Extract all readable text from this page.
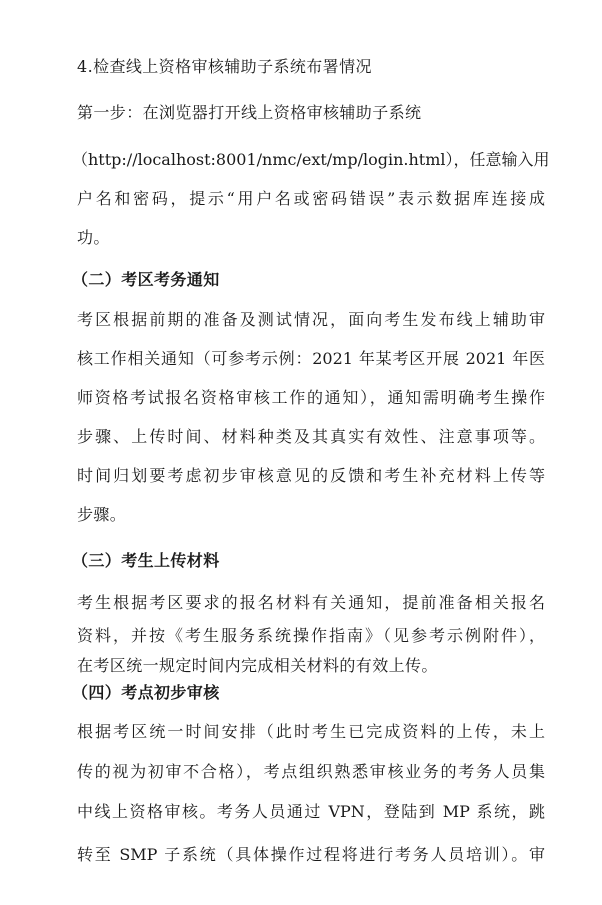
4.检查线上资格审核辅助子系统布署情况
第一步：在浏览器打开线上资格审核辅助子系统
（http://localhost:8001/nmc/ext/mp/login.html），任意输入用
户名和密码，提示“用户名或密码错误”表示数据库连接成
功。
（二）考区考务通知
考区根据前期的准备及测试情况，面向考生发布线上辅助审
核工作相关通知（可参考示例：2021 年某考区开展 2021 年医
师资格考试报名资格审核工作的通知），通知需明确考生操作
步骤、上传时间、材料种类及其真实有效性、注意事项等。
时间归划要考虑初步审核意见的反馈和考生补充材料上传等
步骤。
（三）考生上传材料
考生根据考区要求的报名材料有关通知，提前准备相关报名
资料，并按《考生服务系统操作指南》（见参考示例附件），
在考区统一规定时间内完成相关材料的有效上传。
（四）考点初步审核
根据考区统一时间安排（此时考生已完成资料的上传，未上
传的视为初审不合格），考点组织熟悉审核业务的考务人员集
中线上资格审核。考务人员通过 VPN，登陆到 MP 系统，跳
转至 SMP 子系统（具体操作过程将进行考务人员培训）。审
